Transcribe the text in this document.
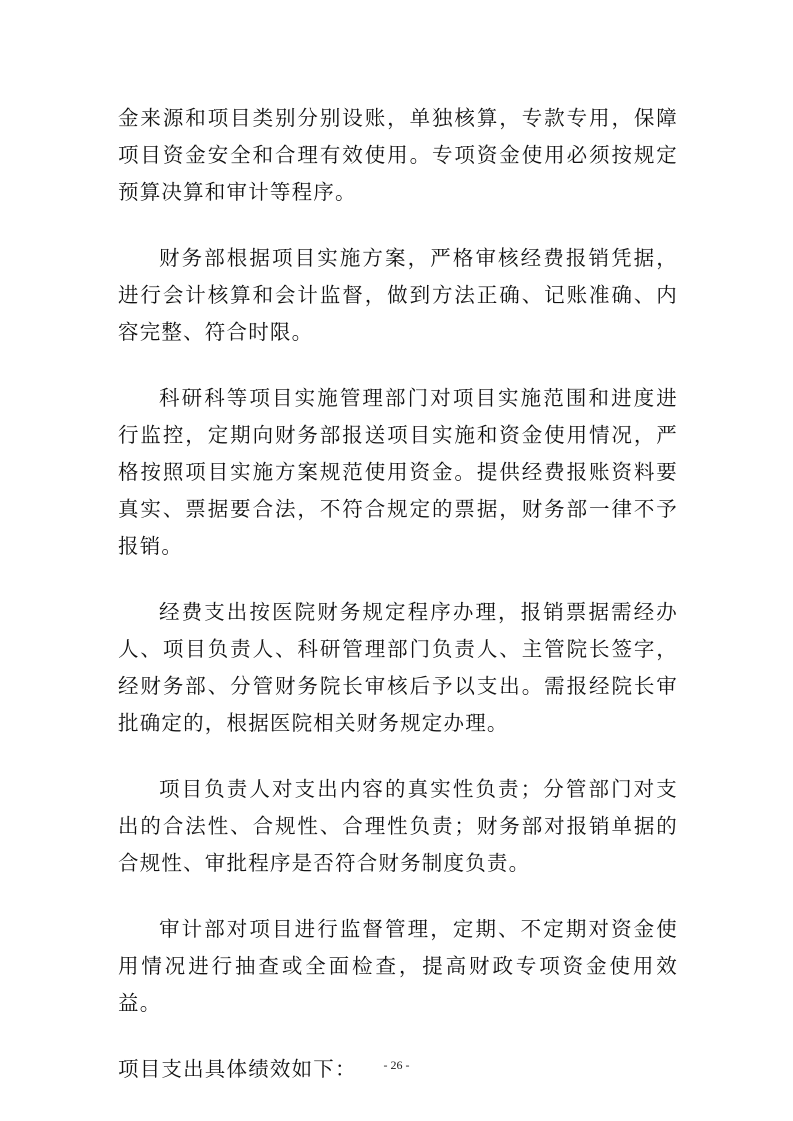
金来源和项目类别分别设账，单独核算，专款专用，保障项目资金安全和合理有效使用。专项资金使用必须按规定预算决算和审计等程序。

财务部根据项目实施方案，严格审核经费报销凭据，进行会计核算和会计监督，做到方法正确、记账准确、内容完整、符合时限。

科研科等项目实施管理部门对项目实施范围和进度进行监控，定期向财务部报送项目实施和资金使用情况，严格按照项目实施方案规范使用资金。提供经费报账资料要真实、票据要合法，不符合规定的票据，财务部一律不予报销。

经费支出按医院财务规定程序办理，报销票据需经办人、项目负责人、科研管理部门负责人、主管院长签字，经财务部、分管财务院长审核后予以支出。需报经院长审批确定的，根据医院相关财务规定办理。

项目负责人对支出内容的真实性负责；分管部门对支出的合法性、合规性、合理性负责；财务部对报销单据的合规性、审批程序是否符合财务制度负责。

审计部对项目进行监督管理，定期、不定期对资金使用情况进行抽查或全面检查，提高财政专项资金使用效益。

项目支出具体绩效如下：	- 26 -
